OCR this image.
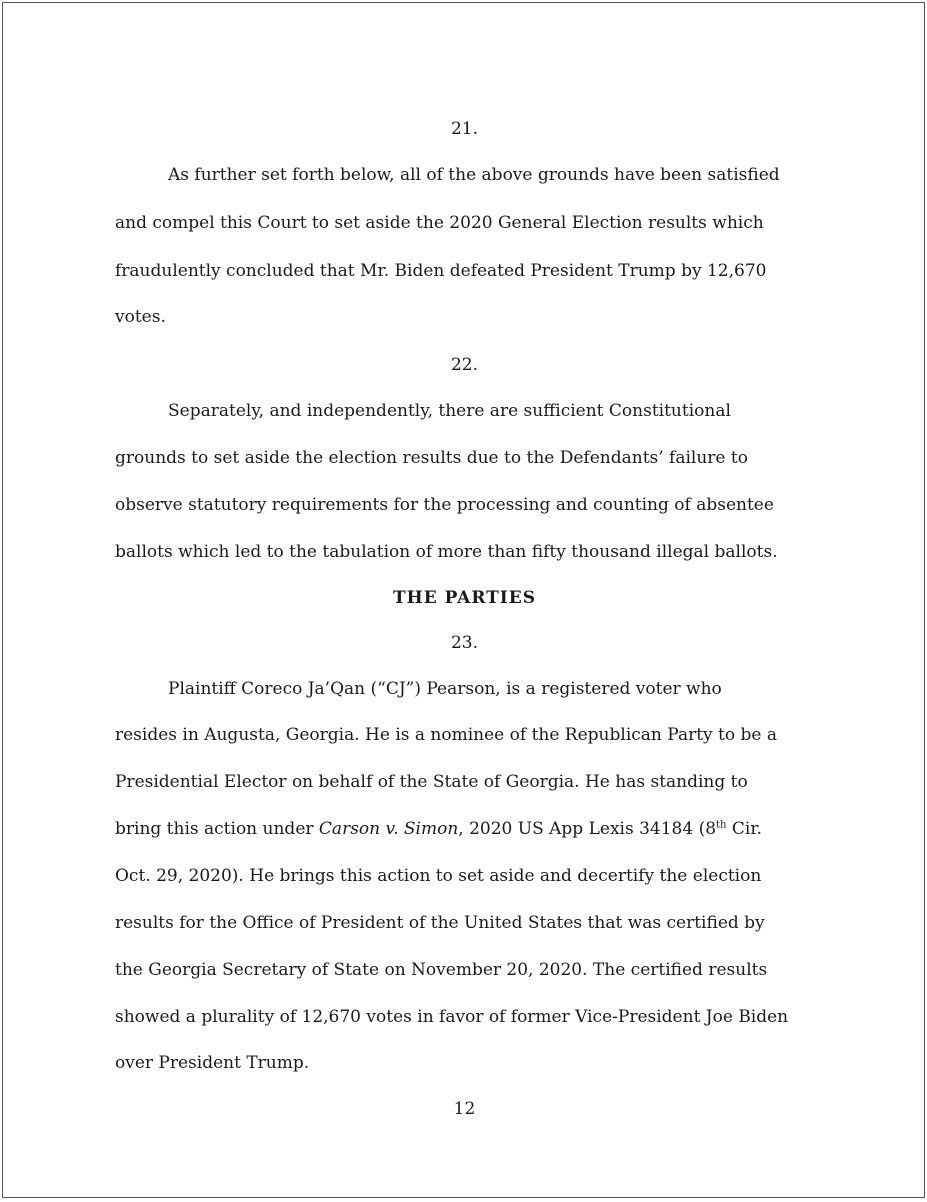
21.
As further set forth below, all of the above grounds have been satisfied
and compel this Court to set aside the 2020 General Election results which
fraudulently concluded that Mr. Biden defeated President Trump by 12,670
votes.
22.
Separately, and independently, there are sufficient Constitutional
grounds to set aside the election results due to the Defendants’ failure to
observe statutory requirements for the processing and counting of absentee
ballots which led to the tabulation of more than fifty thousand illegal ballots.
THE PARTIES
23.
Plaintiff Coreco Ja’Qan (“CJ”) Pearson, is a registered voter who
resides in Augusta, Georgia. He is a nominee of the Republican Party to be a
Presidential Elector on behalf of the State of Georgia. He has standing to
bring this action under Carson v. Simon, 2020 US App Lexis 34184 (8th Cir.
Oct. 29, 2020). He brings this action to set aside and decertify the election
results for the Office of President of the United States that was certified by
the Georgia Secretary of State on November 20, 2020. The certified results
showed a plurality of 12,670 votes in favor of former Vice-President Joe Biden
over President Trump.
12
